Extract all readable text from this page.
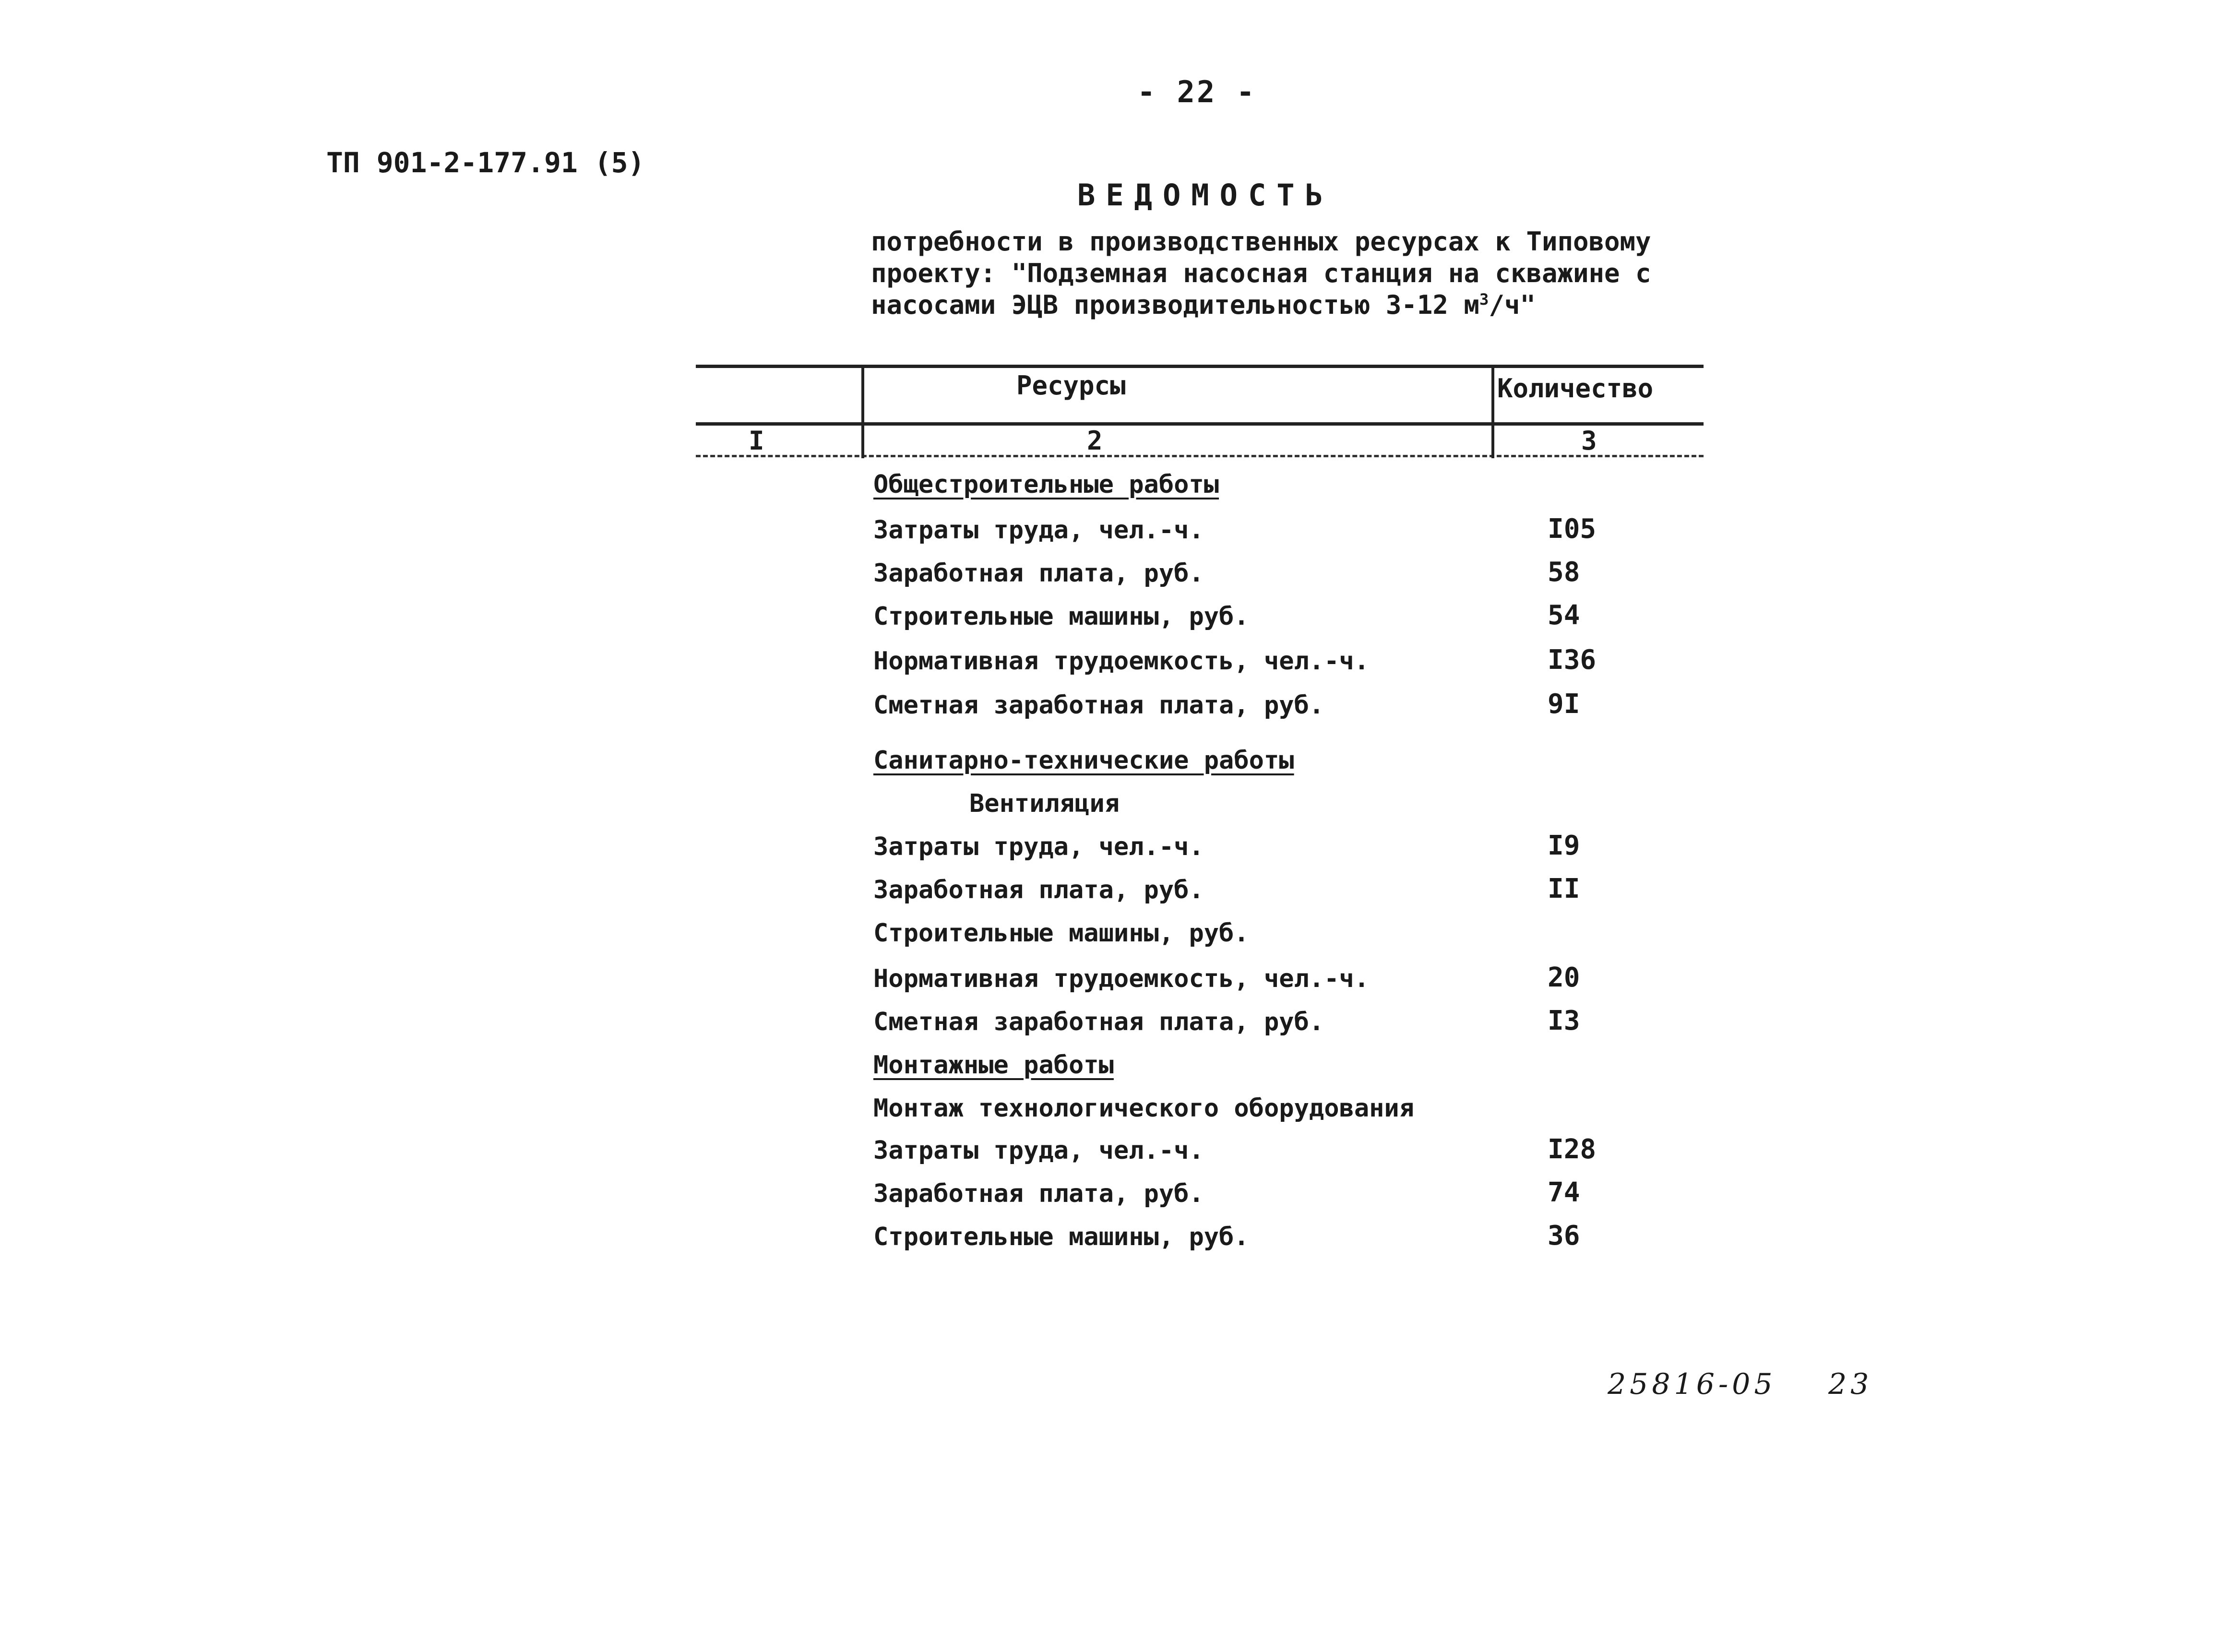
- 22 -
ТП 901-2-177.91 (5)
ВЕДОМОСТЬ
потребности в производственных ресурсах к Типовому
проекту: "Подземная насосная станция на скважине с
насосами ЭЦВ производительностью 3-12 $м^3/ч$"
Ресурсы	Количество
I	2	3
Общестроительные работы
Затраты труда, чел.-ч.	I05
Заработная плата, руб.	58
Строительные машины, руб.	54
Нормативная трудоемкость, чел.-ч.	I36
Сметная заработная плата, руб.	9I
Санитарно-технические работы
Вентиляция
Затраты труда, чел.-ч.	I9
Заработная плата, руб.	II
Строительные машины, руб.
Нормативная трудоемкость, чел.-ч.	20
Сметная заработная плата, руб.	I3
Монтажные работы
Монтаж технологического оборудования
Затраты труда, чел.-ч.	I28
Заработная плата, руб.	74
Строительные машины, руб.	36
25816-05 23
